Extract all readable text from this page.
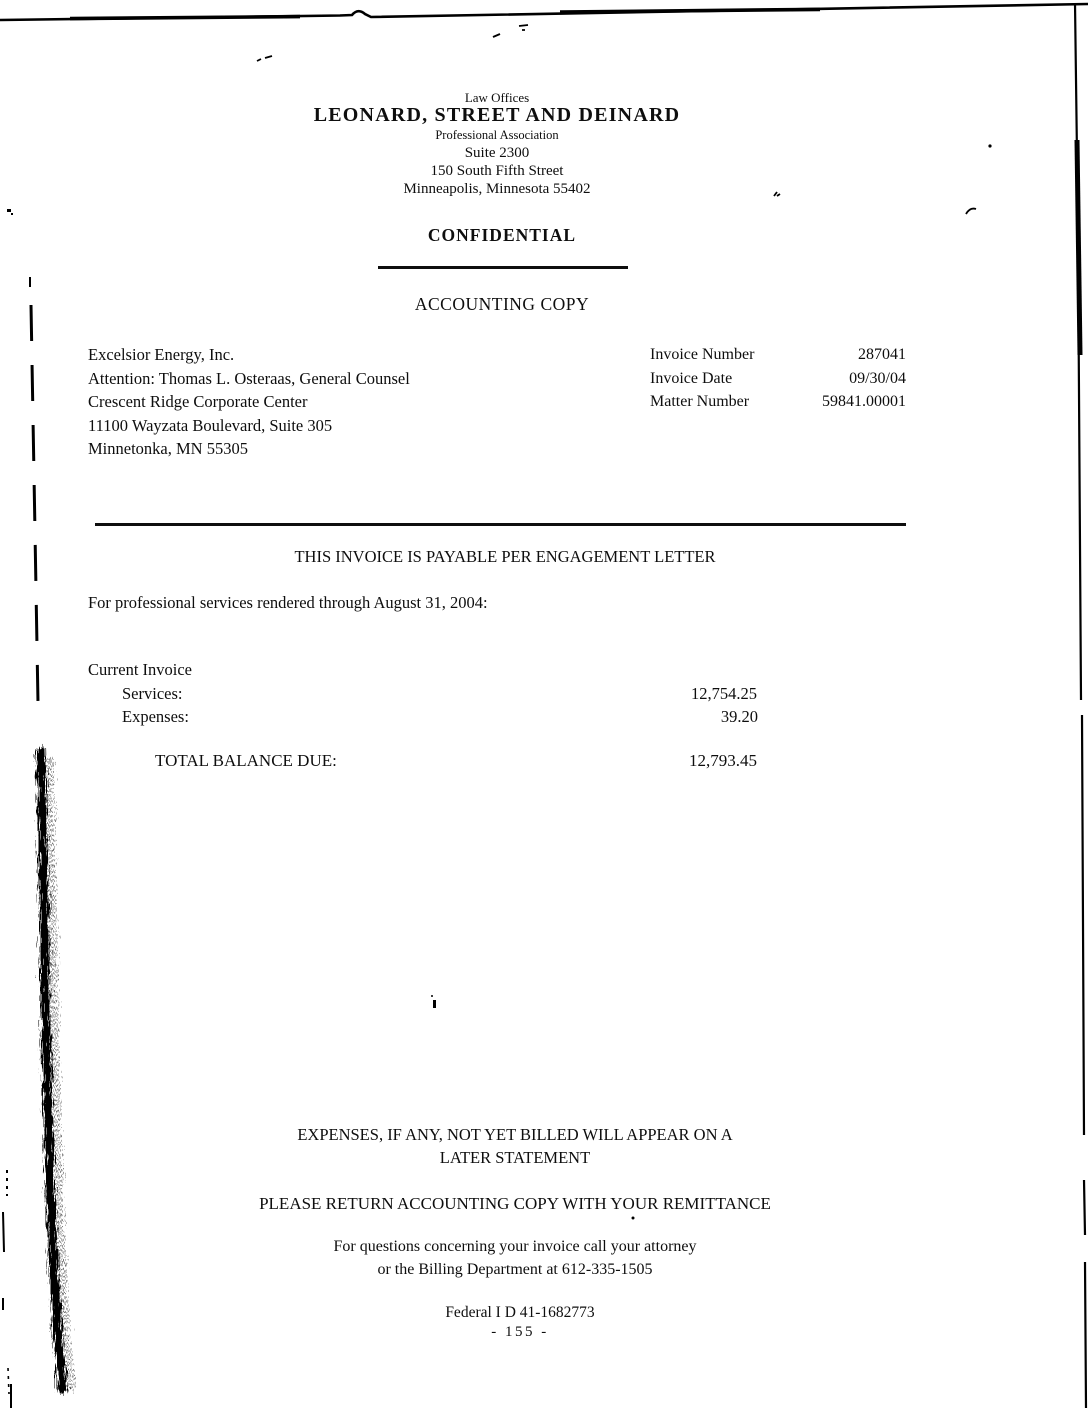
Law Offices
LEONARD, STREET AND DEINARD
Professional Association
Suite 2300
150 South Fifth Street
Minneapolis, Minnesota 55402
CONFIDENTIAL
ACCOUNTING COPY
Excelsior Energy, Inc.
Attention: Thomas L. Osteraas, General Counsel
Crescent Ridge Corporate Center
11100 Wayzata Boulevard, Suite 305
Minnetonka, MN 55305
Invoice Number	287041
Invoice Date	09/30/04
Matter Number	59841.00001
THIS INVOICE IS PAYABLE PER ENGAGEMENT LETTER
For professional services rendered through August 31, 2004:
Current Invoice
Services:	12,754.25
Expenses:	39.20
TOTAL BALANCE DUE:	12,793.45
EXPENSES, IF ANY, NOT YET BILLED WILL APPEAR ON A
LATER STATEMENT
PLEASE RETURN ACCOUNTING COPY WITH YOUR REMITTANCE
For questions concerning your invoice call your attorney
or the Billing Department at 612-335-1505
Federal I D 41-1682773
- 155 -
